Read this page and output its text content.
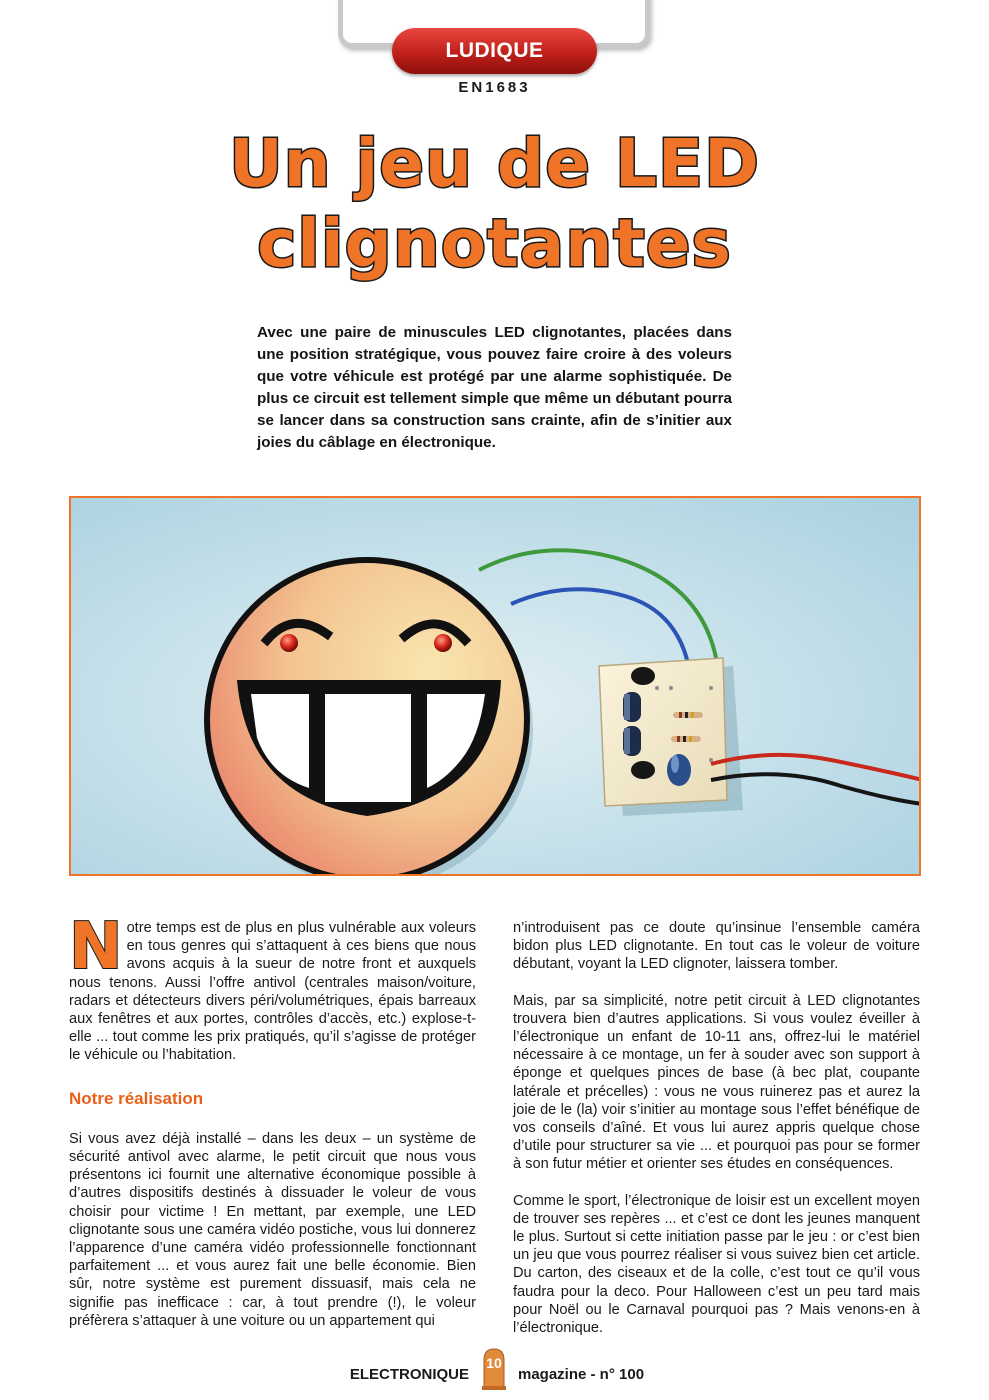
LUDIQUE
EN1683
Un jeu de LED
clignotantes

Avec une paire de minuscules LED clignotantes, placées dans une position stratégique, vous pouvez faire croire à des voleurs que votre véhicule est protégé par une alarme sophistiquée. De plus ce circuit est tellement simple que même un débutant pourra se lancer dans sa construction sans crainte, afin de s’initier aux joies du câblage en électronique.

Notre temps est de plus en plus vulnérable aux voleurs en tous genres qui s’attaquent à ces biens que nous avons acquis à la sueur de notre front et auxquels nous tenons. Aussi l’offre antivol (centrales maison/voiture, radars et détecteurs divers péri/volumétriques, épais barreaux aux fenêtres et aux portes, contrôles d’accès, etc.) explose-t-elle ... tout comme les prix pratiqués, qu’il s’agisse de protéger le véhicule ou l’habitation.

Notre réalisation

Si vous avez déjà installé – dans les deux – un système de sécurité antivol avec alarme, le petit circuit que nous vous présentons ici fournit une alternative économique possible à d’autres dispositifs destinés à dissuader le voleur de vous choisir pour victime ! En mettant, par exemple, une LED clignotante sous une caméra vidéo postiche, vous lui donnerez l’apparence d’une caméra vidéo professionnelle fonctionnant parfaitement ... et vous aurez fait une belle économie. Bien sûr, notre système est purement dissuasif, mais cela ne signifie pas inefficace : car, à tout prendre (!), le voleur préfèrera s’attaquer à une voiture ou un appartement qui

n’introduisent pas ce doute qu’insinue l’ensemble caméra bidon plus LED clignotante. En tout cas le voleur de voiture débutant, voyant la LED clignoter, laissera tomber.

Mais, par sa simplicité, notre petit circuit à LED clignotantes trouvera bien d’autres applications. Si vous voulez éveiller à l’électronique un enfant de 10-11 ans, offrez-lui le matériel nécessaire à ce montage, un fer à souder avec son support à éponge et quelques pinces de base (à bec plat, coupante latérale et précelles) : vous ne vous ruinerez pas et aurez la joie de le (la) voir s’initier au montage sous l’effet bénéfique de vos conseils d’aîné. Et vous lui aurez appris quelque chose d’utile pour structurer sa vie ... et pourquoi pas pour se former à son futur métier et orienter ses études en conséquences.

Comme le sport, l’électronique de loisir est un excellent moyen de trouver ses repères ... et c’est ce dont les jeunes manquent le plus. Surtout si cette initiation passe par le jeu : or c’est bien un jeu que vous pourrez réaliser si vous suivez bien cet article. Du carton, des ciseaux et de la colle, c’est tout ce qu’il vous faudra pour la deco. Pour Halloween c’est un peu tard mais pour Noël ou le Carnaval pourquoi pas ? Mais venons-en à l’électronique.

ELECTRONIQUE
10
magazine - n° 100
